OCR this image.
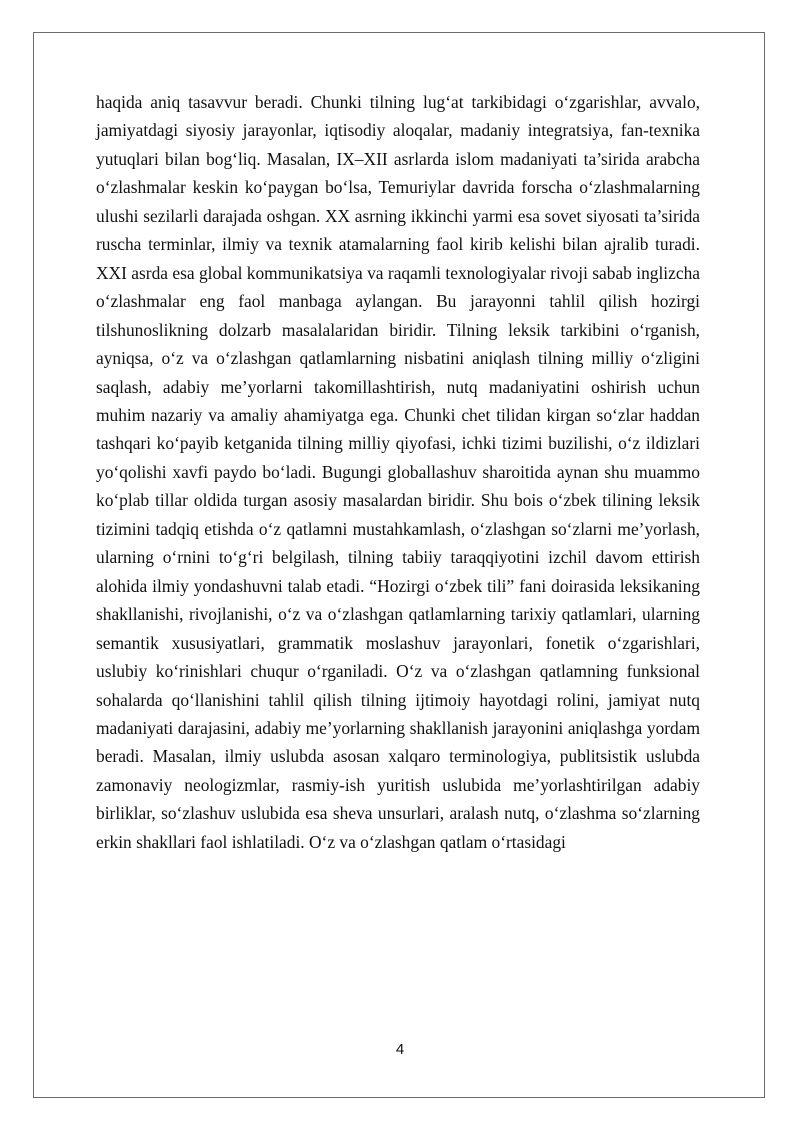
haqida aniq tasavvur beradi. Chunki tilning lug‘at tarkibidagi o‘zgarishlar, avvalo, jamiyatdagi siyosiy jarayonlar, iqtisodiy aloqalar, madaniy integratsiya, fan-texnika yutuqlari bilan bog‘liq. Masalan, IX–XII asrlarda islom madaniyati ta’sirida arabcha o‘zlashmalar keskin ko‘paygan bo‘lsa, Temuriylar davrida forscha o‘zlashmalarning ulushi sezilarli darajada oshgan. XX asrning ikkinchi yarmi esa sovet siyosati ta’sirida ruscha terminlar, ilmiy va texnik atamalarning faol kirib kelishi bilan ajralib turadi. XXI asrda esa global kommunikatsiya va raqamli texnologiyalar rivoji sabab inglizcha o‘zlashmalar eng faol manbaga aylangan. Bu jarayonni tahlil qilish hozirgi tilshunoslikning dolzarb masalalaridan biridir. Tilning leksik tarkibini o‘rganish, ayniqsa, o‘z va o‘zlashgan qatlamlarning nisbatini aniqlash tilning milliy o‘zligini saqlash, adabiy me’yorlarni takomillashtirish, nutq madaniyatini oshirish uchun muhim nazariy va amaliy ahamiyatga ega. Chunki chet tilidan kirgan so‘zlar haddan tashqari ko‘payib ketganida tilning milliy qiyofasi, ichki tizimi buzilishi, o‘z ildizlari yo‘qolishi xavfi paydo bo‘ladi. Bugungi globallashuv sharoitida aynan shu muammo ko‘plab tillar oldida turgan asosiy masalardan biridir. Shu bois o‘zbek tilining leksik tizimini tadqiq etishda o‘z qatlamni mustahkamlash, o‘zlashgan so‘zlarni me’yorlash, ularning o‘rnini to‘g‘ri belgilash, tilning tabiiy taraqqiyotini izchil davom ettirish alohida ilmiy yondashuvni talab etadi. “Hozirgi o‘zbek tili” fani doirasida leksikaning shakllanishi, rivojlanishi, o‘z va o‘zlashgan qatlamlarning tarixiy qatlamlari, ularning semantik xususiyatlari, grammatik moslashuv jarayonlari, fonetik o‘zgarishlari, uslubiy ko‘rinishlari chuqur o‘rganiladi. O‘z va o‘zlashgan qatlamning funksional sohalarda qo‘llanishini tahlil qilish tilning ijtimoiy hayotdagi rolini, jamiyat nutq madaniyati darajasini, adabiy me’yorlarning shakllanish jarayonini aniqlashga yordam beradi. Masalan, ilmiy uslubda asosan xalqaro terminologiya, publitsistik uslubda zamonaviy neologizmlar, rasmiy-ish yuritish uslubida me’yorlashtirilgan adabiy birliklar, so‘zlashuv uslubida esa sheva unsurlari, aralash nutq, o‘zlashma so‘zlarning erkin shakllari faol ishlatiladi. O‘z va o‘zlashgan qatlam o‘rtasidagi

4
